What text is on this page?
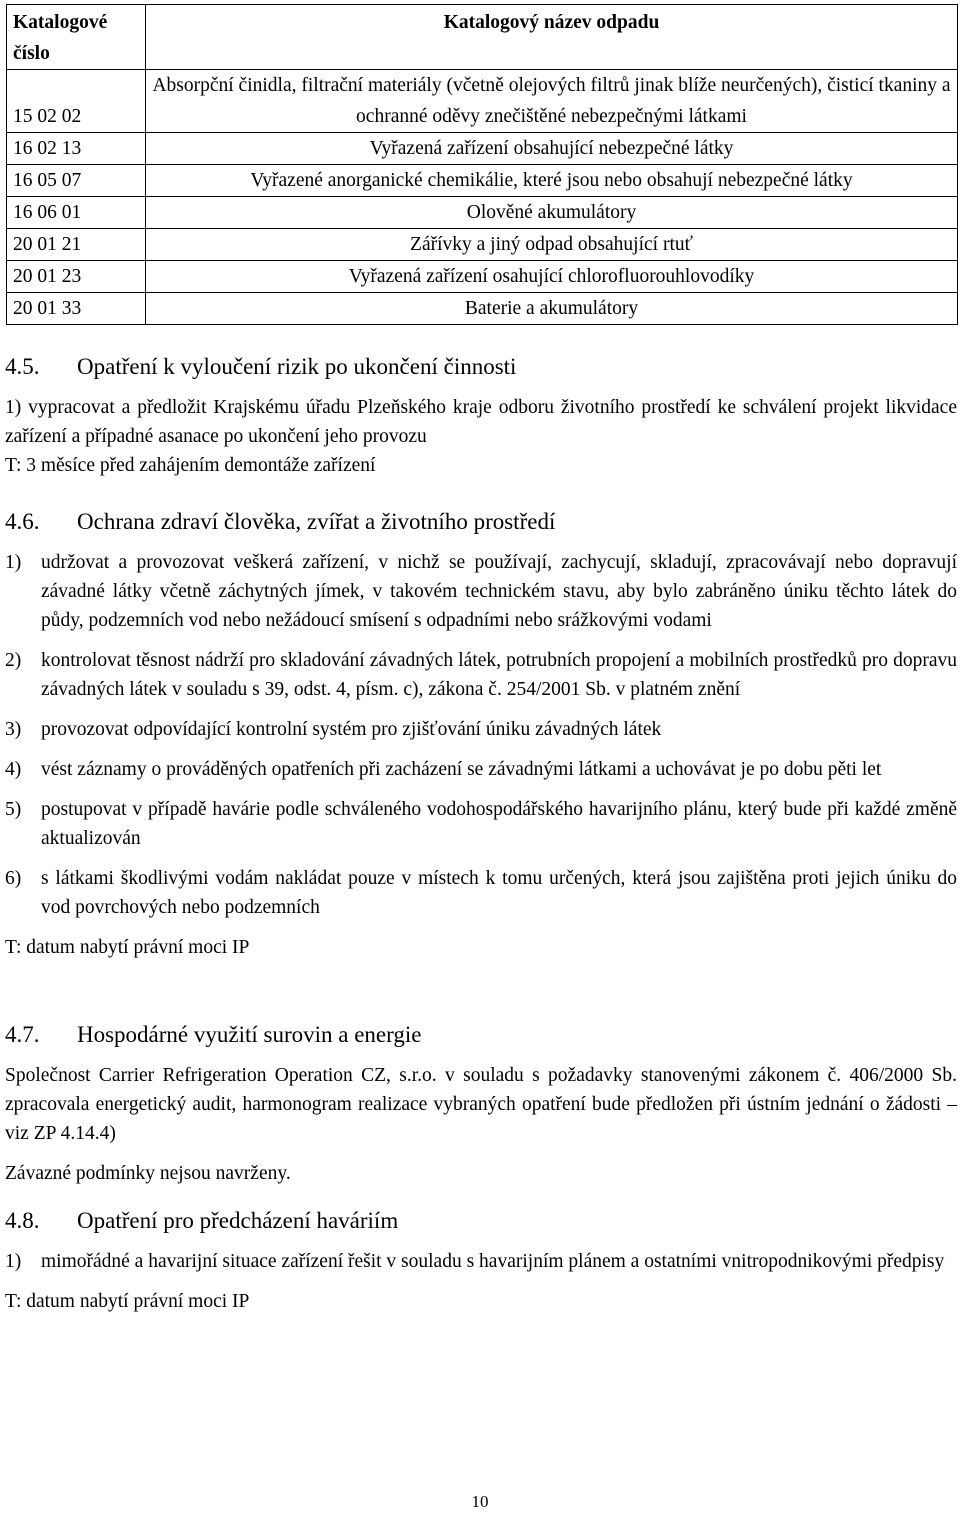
Katalogové číslo	Katalogový název odpadu
15 02 02	Absorpční činidla, filtrační materiály (včetně olejových filtrů jinak blíže neurčených), čisticí tkaniny a ochranné oděvy znečištěné nebezpečnými látkami
16 02 13	Vyřazená zařízení obsahující nebezpečné látky
16 05 07	Vyřazené anorganické chemikálie, které jsou nebo obsahují nebezpečné látky
16 06 01	Olověné akumulátory
20 01 21	Zářívky a jiný odpad obsahující rtuť
20 01 23	Vyřazená zařízení osahující chlorofluorouhlovodíky
20 01 33	Baterie a akumulátory
4.5.	Opatření k vyloučení rizik po ukončení činnosti
1) vypracovat a předložit Krajskému úřadu Plzeňského kraje odboru životního prostředí ke schválení projekt likvidace zařízení a případné asanace po ukončení jeho provozu
T: 3 měsíce před zahájením demontáže zařízení
4.6.	Ochrana zdraví člověka, zvířat a životního prostředí
1)	udržovat a provozovat veškerá zařízení, v nichž se používají, zachycují, skladují, zpracovávají nebo dopravují závadné látky včetně záchytných jímek, v takovém technickém stavu, aby bylo zabráněno úniku těchto látek do půdy, podzemních vod nebo nežádoucí smísení s odpadními nebo srážkovými vodami
2)	kontrolovat těsnost nádrží pro skladování závadných látek, potrubních propojení a mobilních prostředků pro dopravu závadných látek v souladu s 39, odst. 4, písm. c), zákona č. 254/2001 Sb. v platném znění
3)	provozovat odpovídající kontrolní systém pro zjišťování úniku závadných látek
4)	vést záznamy o prováděných opatřeních při zacházení se závadnými látkami a uchovávat je po dobu pěti let
5)	postupovat v případě havárie podle schváleného vodohospodářského havarijního plánu, který bude při každé změně aktualizován
6)	s látkami škodlivými vodám nakládat pouze v místech k tomu určených, která jsou zajištěna proti jejich úniku do vod povrchových nebo podzemních
T: datum nabytí právní moci IP
4.7.	Hospodárné využití surovin a energie
Společnost Carrier Refrigeration Operation CZ, s.r.o. v souladu s požadavky stanovenými zákonem č. 406/2000 Sb. zpracovala energetický audit, harmonogram realizace vybraných opatření bude předložen při ústním jednání o žádosti – viz ZP 4.14.4)
Závazné podmínky nejsou navrženy.
4.8.	Opatření pro předcházení haváriím
1)	mimořádné a havarijní situace zařízení řešit v souladu s havarijním plánem a ostatními vnitropodnikovými předpisy
T: datum nabytí právní moci IP
10
